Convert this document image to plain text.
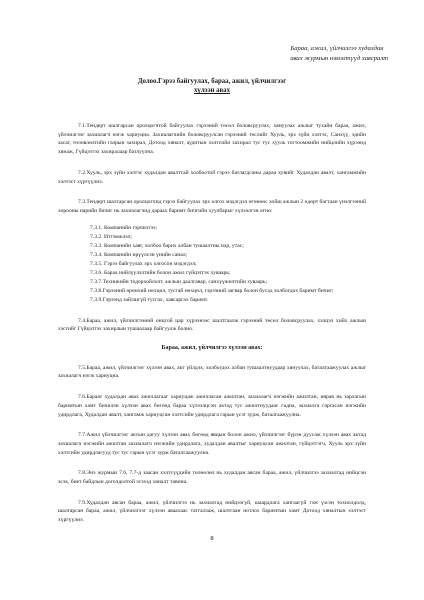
Бараа, ажил, үйлчилгээ худалдан
авах журмын нэмэлтүүд хавсралт
Долоо.Гэрээ байгуулах, бараа, ажил, үйлчилгээг
хүлээн авах

7.1.Тендерт шалгарсан оролцогчтой байгуулах гэрээний төсөл боловсруулах, хянуулах ажлыг тухайн бараа, ажил, үйлчилгээг захиалагч нэгж хариуцна. Захиалагчийн боловсруулсан гэрээний төслийг Хууль, эрх зүйн хэлтэс, Санхүү, эдийн засаг, төлөвлөлтийн газрын захирал, Дотоод хяналт, аудитын хэлтсийн захирал тус тус хууль тогтоомжийн нийцлийн хүрээнд хянаж, Гүйцэтгэх захиралаар батлуулна.

7.2.Хууль, эрх зүйн хэлтэс худалдан авалттай холбоотой гэрээ батлагдсаны дараа хувийг Худалдан авалт, хангамжийн хэлтэст хүргүүлнэ.

7.3.Тендерт шалгарсан оролцогчид гэрээ байгуулах эрх олгох мэдэгдэл өгөнөөс хойш ажлын 2 өдөрт багтаан үнэлгээний хорооны нарийн бичиг нь захиалагчид дараах баримт бичгийн хуулбарыг хүлээлгэн өгнө:

7.3.1. Компанийн гэрчилгээ;
7.3.2. Итгэмжлэл;
7.3.3. Компанийн хаяг, холбоо барих албан тушаалтны нэр, утас;
7.3.4. Компанийн ирүүлсэн үнийн санал;
7.3.5. Гэрээ байгуулах эрх олгосон мэдэгдэл;
7.3.6. Бараа нийлүүлэлтийн болон ажил гүйцэтгэх хуваарь;
7.3.7.Техникийн тодорхойлолт, ажлын даалгавар, санхүүжилтийн хуваарь;
7.3.8.Гэрээний өрөнхий нөхцөл, тусгай нөхцөл, гэрээний загвар болон бусад холбогдох баримт бичиг;
7.3.9.Гэрээнд зайлшгүй тусгах, хавсаргах баримт.

7.4.Бараа, ажил, үйлчилгээний онцгой цар хүрээнээс шалтгаалж гэрээний төсөл боловсруулах, хэлцэл хийх ажлын хэсгийг Гүйцэтгэх захирлын тушаалаар байгуулж болно.

Бараа, ажил, үйлчилгээ хүлээн авах:

7.5.Бараа, ажил, үйлчилгээг хүлээн авах, акт үйлдэх, холбогдох албан тушаалтнуудаар хянуулах, баталгаажуулах ажлыг захиалагч нэгж хариуцна.

7.6.Бараат худалдан авах ажиллагааг хариуцаж ажилласан ажилтан, захиалагч нэгжийн ажилтан, нярав нь зарлагын баримтын хамт бичилэн хүлээн авах бөгөөд бараа хүлээлцсэн актад тус ажилтнуудаас гадна, захиалга гаргасан нэгжийн удирдлага, Худалдан авалт, хангамж хариуцсан хэлтсийн удирдлага гарын үсэг зурж, баталгаажуулна.

7.7.Ажил үйлчилгээг актын дагуу хүлээн авах бөгөөд явцын болон ажил, үйлчилгээг бүрэн дуусаж хүлээн авах актад захиалагч нэгжийн ажилтан захиалагч нэгжийн удирдлага, худалдан авалтыг хариуцсан ажилтан, гүйцэтгэгч, Хууль эрх зүйн хэлтсийн удирдлагууд тус тус гарын үсэг зурж баталгаажуулна.

7.8.Энэ журмын 7.6, 7.7-д заасан хэлтсүүдийн төлөөлөл нь худалдан авсан бараа, ажил, үйлчилгээ захиалгад нийцсэн эсэх, биет байдлын доголдолтой эсэхэд хяналт тавина.

7.9.Худалдан авсан бараа, ажил, үйлчилгээ нь захиалгад нийцээгүй, шаардлага хангаагүй гэж үзсэн тохиолдолд, шалгарсан бараа, ажил, үйлчилгээг хүлээн аваахаас татгалзаж, шалтгаан нотлох баримтын хамт Дотоод хяналтын хэлтэст хүргүүлнэ.

8
